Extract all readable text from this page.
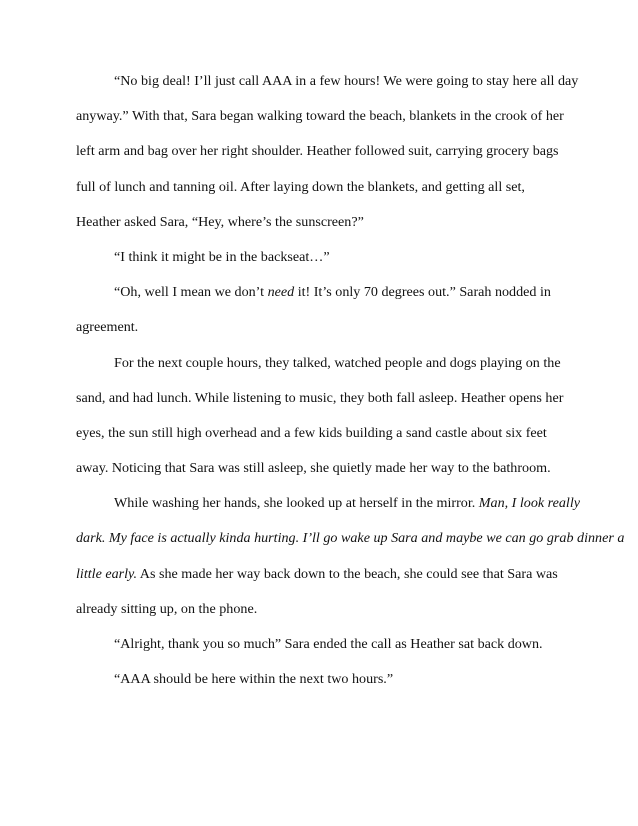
“No big deal! I’ll just call AAA in a few hours! We were going to stay here all day
anyway.” With that, Sara began walking toward the beach, blankets in the crook of her
left arm and bag over her right shoulder. Heather followed suit, carrying grocery bags
full of lunch and tanning oil. After laying down the blankets, and getting all set,
Heather asked Sara, “Hey, where’s the sunscreen?”
“I think it might be in the backseat…”
“Oh, well I mean we don’t need it! It’s only 70 degrees out.” Sarah nodded in
agreement.
For the next couple hours, they talked, watched people and dogs playing on the
sand, and had lunch. While listening to music, they both fall asleep. Heather opens her
eyes, the sun still high overhead and a few kids building a sand castle about six feet
away. Noticing that Sara was still asleep, she quietly made her way to the bathroom.
While washing her hands, she looked up at herself in the mirror. Man, I look really
dark. My face is actually kinda hurting. I’ll go wake up Sara and maybe we can go grab dinner a
little early. As she made her way back down to the beach, she could see that Sara was
already sitting up, on the phone.
“Alright, thank you so much” Sara ended the call as Heather sat back down.
“AAA should be here within the next two hours.”
